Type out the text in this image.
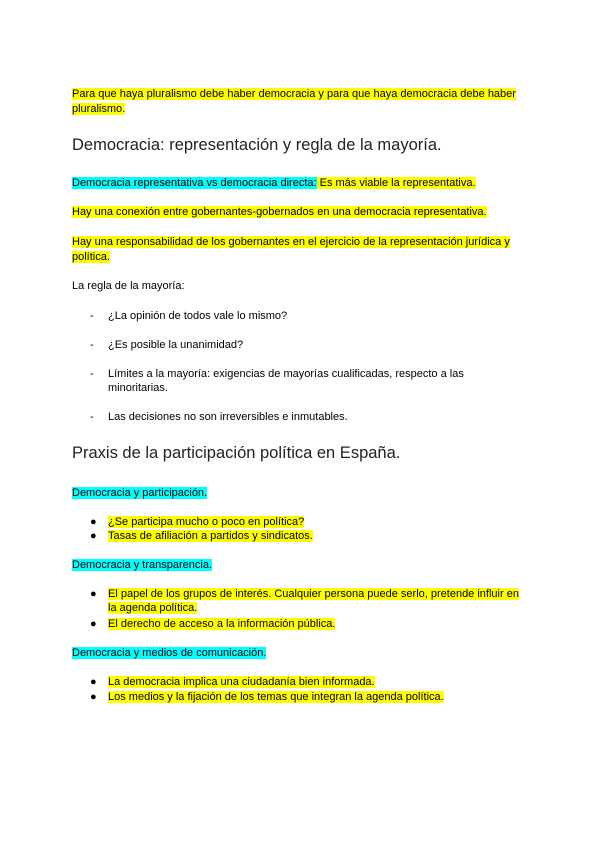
Para que haya pluralismo debe haber democracia y para que haya democracia debe haber
pluralismo.
Democracia: representación y regla de la mayoría.
Democracia representativa vs democracia directa: Es más viable la representativa.
Hay una conexión entre gobernantes-gobernados en una democracia representativa.
Hay una responsabilidad de los gobernantes en el ejercicio de la representación jurídica y
política.
La regla de la mayoría:
- ¿La opinión de todos vale lo mismo?
- ¿Es posible la unanimidad?
- Límites a la mayoría: exigencias de mayorías cualificadas, respecto a las
minoritarias.
- Las decisiones no son irreversibles e inmutables.
Praxis de la participación política en España.
Democracia y participación.
● ¿Se participa mucho o poco en política?
● Tasas de afiliación a partidos y sindicatos.
Democracia y transparencia.
● El papel de los grupos de interés. Cualquier persona puede serlo, pretende influir en
la agenda política.
● El derecho de acceso a la información pública.
Democracia y medios de comunicación.
● La democracia implica una ciudadanía bien informada.
● Los medios y la fijación de los temas que integran la agenda política.
